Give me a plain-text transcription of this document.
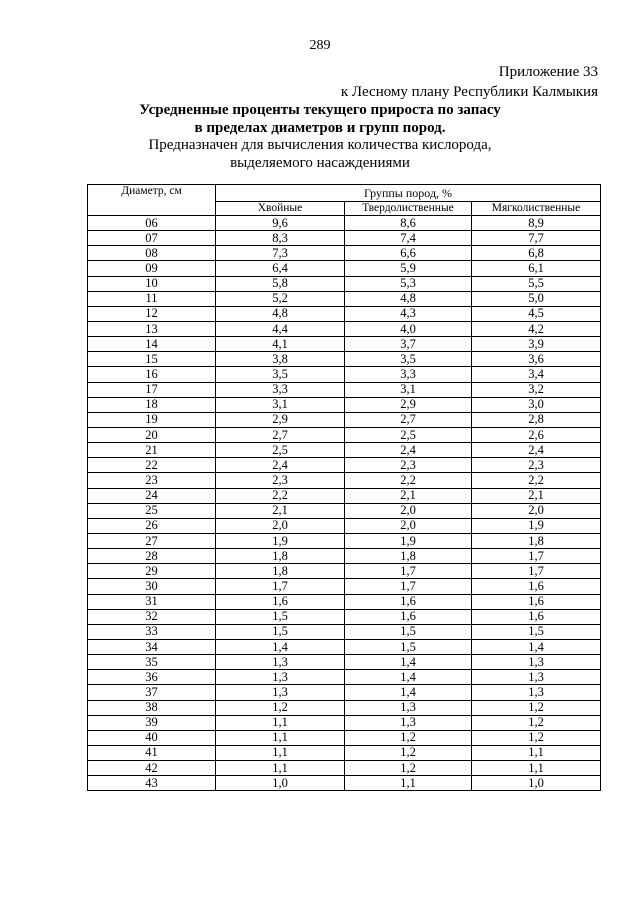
289
Приложение 33
к Лесному плану Республики Калмыкия
Усредненные проценты текущего прироста по запасу
в пределах диаметров и групп пород.
Предназначен для вычисления количества кислорода,
выделяемого насаждениями
Диаметр, см	Группы пород, %		
	Хвойные	Твердолиственные	Мягколиственные
06	9,6	8,6	8,9
07	8,3	7,4	7,7
08	7,3	6,6	6,8
09	6,4	5,9	6,1
10	5,8	5,3	5,5
11	5,2	4,8	5,0
12	4,8	4,3	4,5
13	4,4	4,0	4,2
14	4,1	3,7	3,9
15	3,8	3,5	3,6
16	3,5	3,3	3,4
17	3,3	3,1	3,2
18	3,1	2,9	3,0
19	2,9	2,7	2,8
20	2,7	2,5	2,6
21	2,5	2,4	2,4
22	2,4	2,3	2,3
23	2,3	2,2	2,2
24	2,2	2,1	2,1
25	2,1	2,0	2,0
26	2,0	2,0	1,9
27	1,9	1,9	1,8
28	1,8	1,8	1,7
29	1,8	1,7	1,7
30	1,7	1,7	1,6
31	1,6	1,6	1,6
32	1,5	1,6	1,6
33	1,5	1,5	1,5
34	1,4	1,5	1,4
35	1,3	1,4	1,3
36	1,3	1,4	1,3
37	1,3	1,4	1,3
38	1,2	1,3	1,2
39	1,1	1,3	1,2
40	1,1	1,2	1,2
41	1,1	1,2	1,1
42	1,1	1,2	1,1
43	1,0	1,1	1,0
